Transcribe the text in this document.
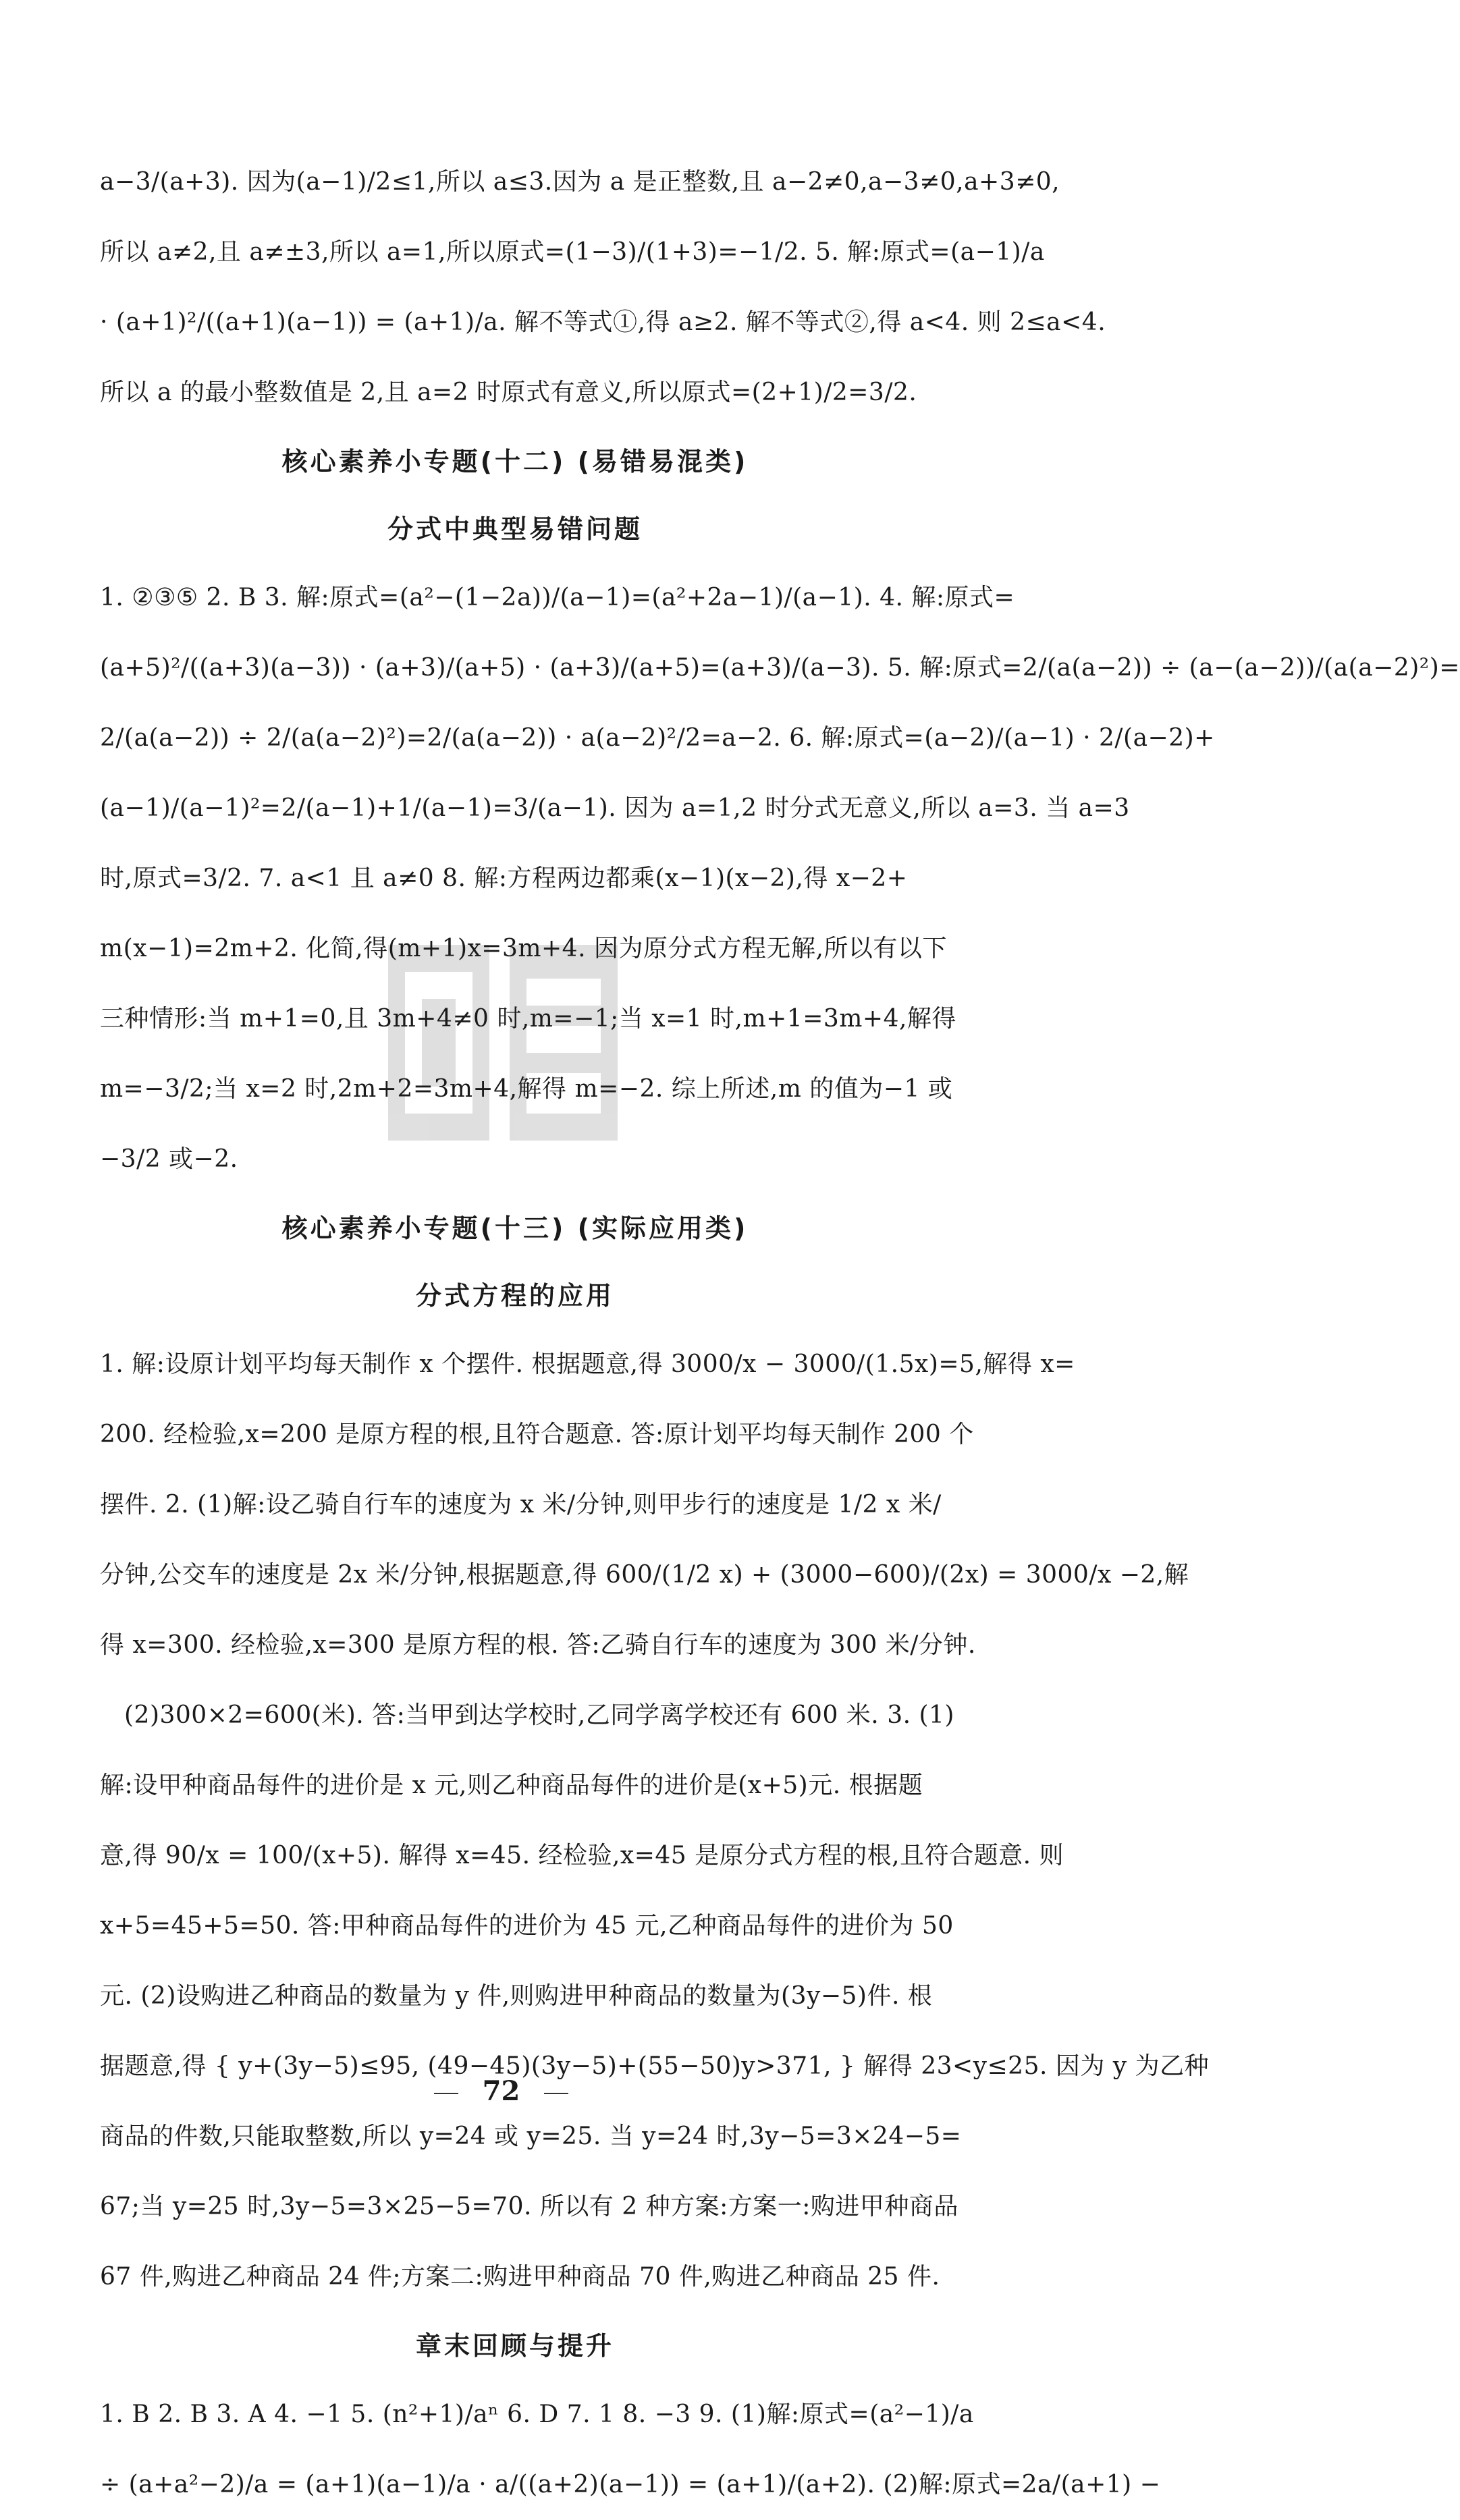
a−3/(a+3). 因为(a−1)/2≤1,所以 a≤3.因为 a 是正整数,且 a−2≠0,a−3≠0,a+3≠0,
所以 a≠2,且 a≠±3,所以 a=1,所以原式=(1−3)/(1+3)=−1/2. 5. 解:原式=(a−1)/a
· (a+1)²/((a+1)(a−1)) = (a+1)/a. 解不等式①,得 a≥2. 解不等式②,得 a<4. 则 2≤a<4.
所以 a 的最小整数值是 2,且 a=2 时原式有意义,所以原式=(2+1)/2=3/2.
核心素养小专题(十二) (易错易混类)
分式中典型易错问题
1. ②③⑤ 2. B 3. 解:原式=(a²−(1−2a))/(a−1)=(a²+2a−1)/(a−1). 4. 解:原式=
(a+5)²/((a+3)(a−3)) · (a+3)/(a+5) · (a+3)/(a+5)=(a+3)/(a−3). 5. 解:原式=2/(a(a−2)) ÷ (a−(a−2))/(a(a−2)²)=
2/(a(a−2)) ÷ 2/(a(a−2)²)=2/(a(a−2)) · a(a−2)²/2=a−2. 6. 解:原式=(a−2)/(a−1) · 2/(a−2)+
(a−1)/(a−1)²=2/(a−1)+1/(a−1)=3/(a−1). 因为 a=1,2 时分式无意义,所以 a=3. 当 a=3
时,原式=3/2. 7. a<1 且 a≠0 8. 解:方程两边都乘(x−1)(x−2),得 x−2+
m(x−1)=2m+2. 化简,得(m+1)x=3m+4. 因为原分式方程无解,所以有以下
三种情形:当 m+1=0,且 3m+4≠0 时,m=−1;当 x=1 时,m+1=3m+4,解得
m=−3/2;当 x=2 时,2m+2=3m+4,解得 m=−2. 综上所述,m 的值为−1 或
−3/2 或−2.
核心素养小专题(十三) (实际应用类)
分式方程的应用
1. 解:设原计划平均每天制作 x 个摆件. 根据题意,得 3000/x − 3000/(1.5x)=5,解得 x=
200. 经检验,x=200 是原方程的根,且符合题意. 答:原计划平均每天制作 200 个
摆件. 2. (1)解:设乙骑自行车的速度为 x 米/分钟,则甲步行的速度是 1/2 x 米/
分钟,公交车的速度是 2x 米/分钟,根据题意,得 600/(1/2 x) + (3000−600)/(2x) = 3000/x −2,解
得 x=300. 经检验,x=300 是原方程的根. 答:乙骑自行车的速度为 300 米/分钟.
(2)300×2=600(米). 答:当甲到达学校时,乙同学离学校还有 600 米. 3. (1)
解:设甲种商品每件的进价是 x 元,则乙种商品每件的进价是(x+5)元. 根据题
意,得 90/x = 100/(x+5). 解得 x=45. 经检验,x=45 是原分式方程的根,且符合题意. 则
x+5=45+5=50. 答:甲种商品每件的进价为 45 元,乙种商品每件的进价为 50
元. (2)设购进乙种商品的数量为 y 件,则购进甲种商品的数量为(3y−5)件. 根
据题意,得 { y+(3y−5)≤95, (49−45)(3y−5)+(55−50)y>371, } 解得 23<y≤25. 因为 y 为乙种
商品的件数,只能取整数,所以 y=24 或 y=25. 当 y=24 时,3y−5=3×24−5=
67;当 y=25 时,3y−5=3×25−5=70. 所以有 2 种方案:方案一:购进甲种商品
67 件,购进乙种商品 24 件;方案二:购进甲种商品 70 件,购进乙种商品 25 件.
章末回顾与提升
1. B 2. B 3. A 4. −1 5. (n²+1)/aⁿ 6. D 7. 1 8. −3 9. (1)解:原式=(a²−1)/a
÷ (a+a²−2)/a = (a+1)(a−1)/a · a/((a+2)(a−1)) = (a+1)/(a+2). (2)解:原式=2a/(a+1) −
72
